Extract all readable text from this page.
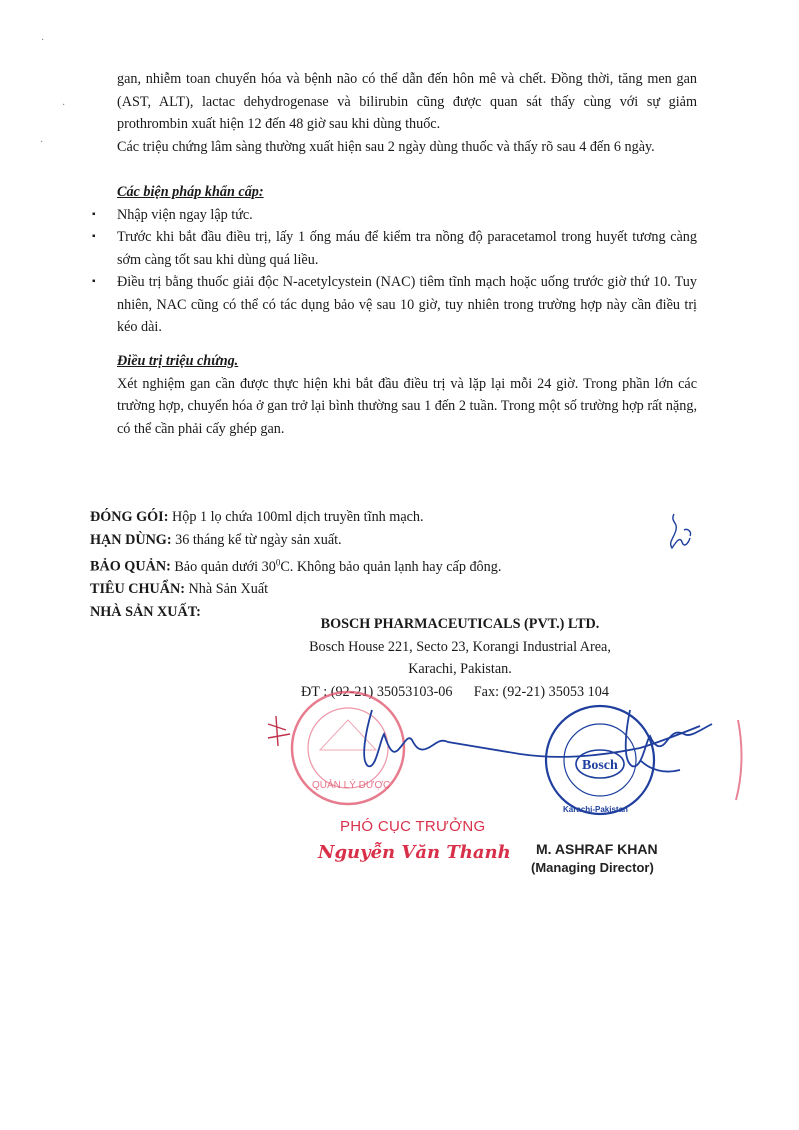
·
·
·

gan, nhiễm toan chuyển hóa và bệnh não có thể dẫn đến hôn mê và chết. Đồng thời, tăng men gan (AST, ALT), lactac dehydrogenase và bilirubin cũng được quan sát thấy cùng với sự giảm prothrombin xuất hiện 12 đến 48 giờ sau khi dùng thuốc.

Các triệu chứng lâm sàng thường xuất hiện sau 2 ngày dùng thuốc và thấy rõ sau 4 đến 6 ngày.

Các biện pháp khẩn cấp:

▪ Nhập viện ngay lập tức.
▪ Trước khi bắt đầu điều trị, lấy 1 ống máu để kiểm tra nồng độ paracetamol trong huyết tương càng sớm càng tốt sau khi dùng quá liều.
▪ Điều trị bằng thuốc giải độc N-acetylcystein (NAC) tiêm tĩnh mạch hoặc uống trước giờ thứ 10. Tuy nhiên, NAC cũng có thể có tác dụng bảo vệ sau 10 giờ, tuy nhiên trong trường hợp này cần điều trị kéo dài.

Điều trị triệu chứng.

Xét nghiệm gan cần được thực hiện khi bắt đầu điều trị và lặp lại mỗi 24 giờ. Trong phần lớn các trường hợp, chuyển hóa ở gan trở lại bình thường sau 1 đến 2 tuần. Trong một số trường hợp rất nặng, có thể cần phải cấy ghép gan.

ĐÓNG GÓI: Hộp 1 lọ chứa 100ml dịch truyền tĩnh mạch.
HẠN DÙNG: 36 tháng kể từ ngày sản xuất.
BẢO QUẢN: Bảo quản dưới $30^0C$. Không bảo quản lạnh hay cấp đông.
TIÊU CHUẨN: Nhà Sản Xuất
NHÀ SẢN XUẤT:
BOSCH PHARMACEUTICALS (PVT.) LTD.
Bosch House 221, Secto 23, Korangi Industrial Area,
Karachi, Pakistan.
ĐT : (92-21) 35053103-06 Fax: (92-21) 35053 104
QUẢN LÝ DƯỢC
Bosch
Karachi-Pakistan
PHÓ CỤC TRƯỞNG
Nguyễn Văn Thanh M. ASHRAF KHAN
(Managing Director)
